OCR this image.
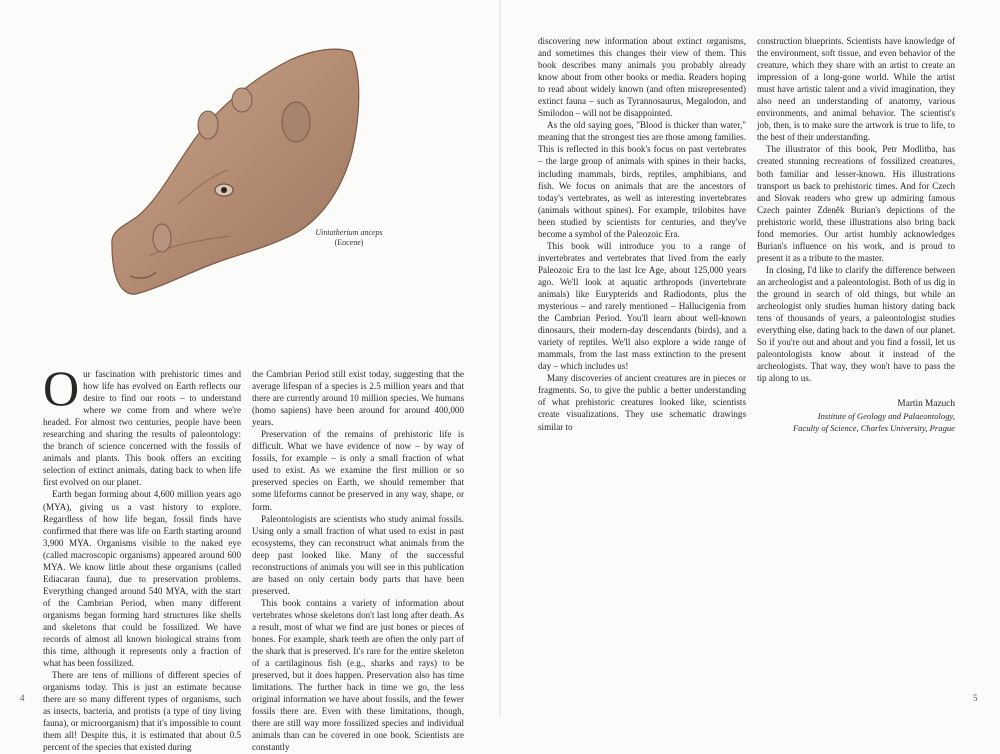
Uintatherium anceps
(Eocene)

Our fascination with prehistoric times and how life has evolved on Earth reflects our desire to find our roots – to understand where we come from and where we're headed. For almost two centuries, people have been researching and sharing the results of paleontology: the branch of science concerned with the fossils of animals and plants. This book offers an exciting selection of extinct animals, dating back to when life first evolved on our planet.

Earth began forming about 4,600 million years ago (MYA), giving us a vast history to explore. Regardless of how life began, fossil finds have confirmed that there was life on Earth starting around 3,900 MYA. Organisms visible to the naked eye (called macroscopic organisms) appeared around 600 MYA. We know little about these organisms (called Ediacaran fauna), due to preservation problems. Everything changed around 540 MYA, with the start of the Cambrian Period, when many different organisms began forming hard structures like shells and skeletons that could be fossilized. We have records of almost all known biological strains from this time, although it represents only a fraction of what has been fossilized.

There are tens of millions of different species of organisms today. This is just an estimate because there are so many different types of organisms, such as insects, bacteria, and protists (a type of tiny living fauna), or microorganism) that it's impossible to count them all! Despite this, it is estimated that about 0.5 percent of the species that existed during

the Cambrian Period still exist today, suggesting that the average lifespan of a species is 2.5 million years and that there are currently around 10 million species. We humans (homo sapiens) have been around for around 400,000 years.

Preservation of the remains of prehistoric life is difficult. What we have evidence of now – by way of fossils, for example – is only a small fraction of what used to exist. As we examine the first million or so preserved species on Earth, we should remember that some lifeforms cannot be preserved in any way, shape, or form.

Paleontologists are scientists who study animal fossils. Using only a small fraction of what used to exist in past ecosystems, they can reconstruct what animals from the deep past looked like. Many of the successful reconstructions of animals you will see in this publication are based on only certain body parts that have been preserved.

This book contains a variety of information about vertebrates whose skeletons don't last long after death. As a result, most of what we find are just bones or pieces of bones. For example, shark teeth are often the only part of the shark that is preserved. It's rare for the entire skeleton of a cartilaginous fish (e.g., sharks and rays) to be preserved, but it does happen. Preservation also has time limitations. The further back in time we go, the less original information we have about fossils, and the fewer fossils there are. Even with these limitations, though, there are still way more fossilized species and individual animals than can be covered in one book. Scientists are constantly

discovering new information about extinct organisms, and sometimes this changes their view of them. This book describes many animals you probably already know about from other books or media. Readers hoping to read about widely known (and often misrepresented) extinct fauna – such as Tyrannosaurus, Megalodon, and Smilodon – will not be disappointed.

As the old saying goes, "Blood is thicker than water," meaning that the strongest ties are those among families. This is reflected in this book's focus on past vertebrates – the large group of animals with spines in their backs, including mammals, birds, reptiles, amphibians, and fish. We focus on animals that are the ancestors of today's vertebrates, as well as interesting invertebrates (animals without spines). For example, trilobites have been studied by scientists for centuries, and they've become a symbol of the Paleozoic Era.

This book will introduce you to a range of invertebrates and vertebrates that lived from the early Paleozoic Era to the last Ice Age, about 125,000 years ago. We'll look at aquatic arthropods (invertebrate animals) like Eurypterids and Radiodonts, plus the mysterious – and rarely mentioned – Hallucigenia from the Cambrian Period. You'll learn about well-known dinosaurs, their modern-day descendants (birds), and a variety of reptiles. We'll also explore a wide range of mammals, from the last mass extinction to the present day – which includes us!

Many discoveries of ancient creatures are in pieces or fragments. So, to give the public a better understanding of what prehistoric creatures looked like, scientists create visualizations. They use schematic drawings similar to

construction blueprints. Scientists have knowledge of the environment, soft tissue, and even behavior of the creature, which they share with an artist to create an impression of a long-gone world. While the artist must have artistic talent and a vivid imagination, they also need an understanding of anatomy, various environments, and animal behavior. The scientist's job, then, is to make sure the artwork is true to life, to the best of their understanding.

The illustrator of this book, Petr Modlitba, has created stunning recreations of fossilized creatures, both familiar and lesser-known. His illustrations transport us back to prehistoric times. And for Czech and Slovak readers who grew up admiring famous Czech painter Zdeněk Burian's depictions of the prehistoric world, these illustrations also bring back fond memories. Our artist humbly acknowledges Burian's influence on his work, and is proud to present it as a tribute to the master.

In closing, I'd like to clarify the difference between an archeologist and a paleontologist. Both of us dig in the ground in search of old things, but while an archeologist only studies human history dating back tens of thousands of years, a paleontologist studies everything else, dating back to the dawn of our planet. So if you're out and about and you find a fossil, let us paleontologists know about it instead of the archeologists. That way, they won't have to pass the tip along to us.

Martin Mazuch
Institute of Geology and Palaeontology,
Faculty of Science, Charles University, Prague
4	5
